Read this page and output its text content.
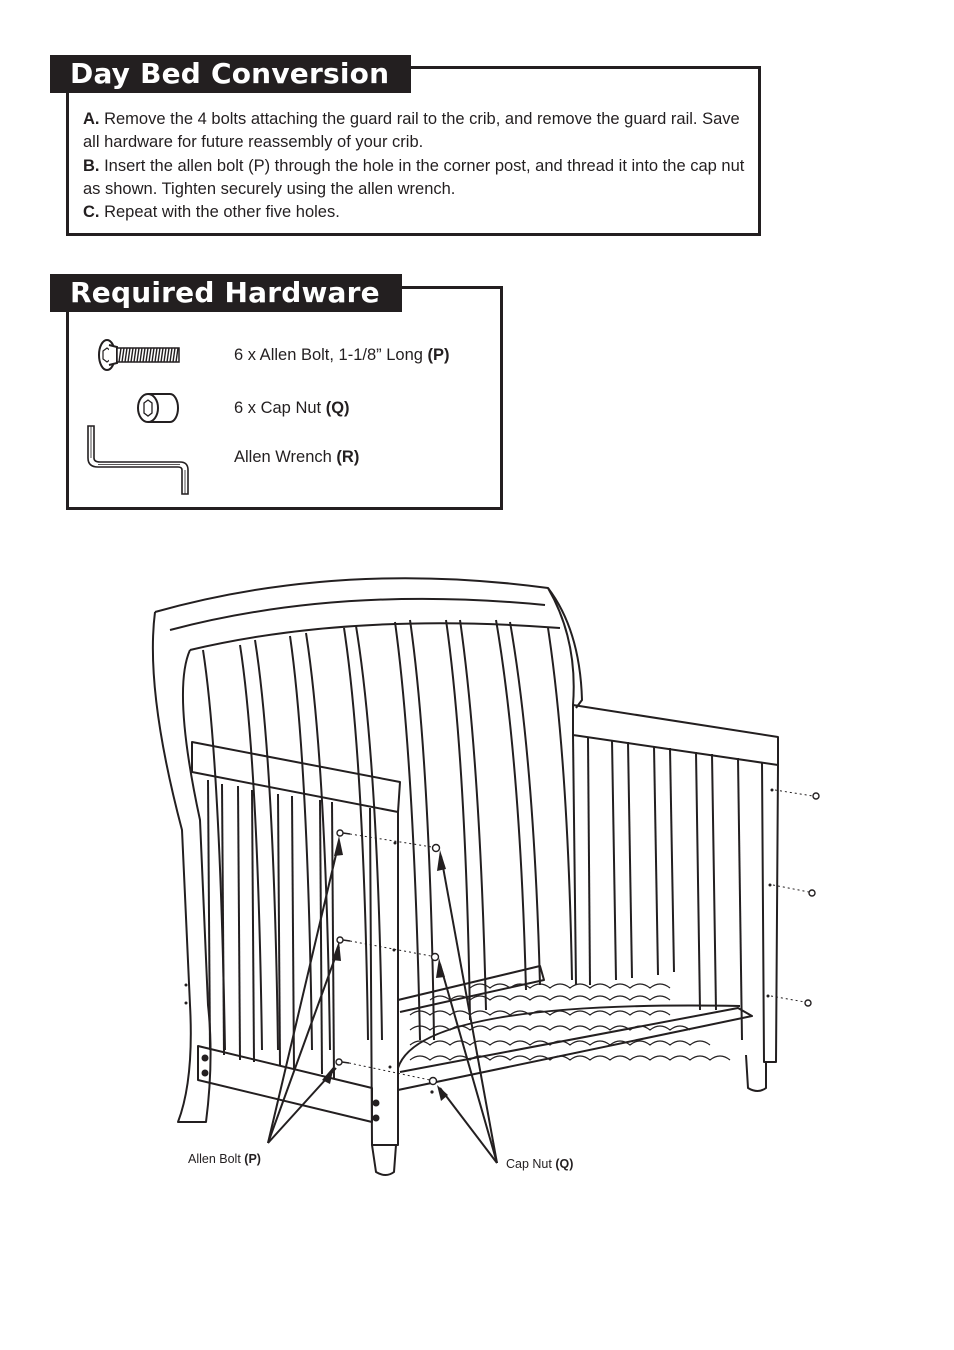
Day Bed Conversion

A. Remove the 4 bolts attaching the guard rail to the crib, and remove the guard rail. Save all hardware for future reassembly of your crib.

B. Insert the allen bolt (P) through the hole in the corner post, and thread it into the cap nut as shown. Tighten securely using the allen wrench.

C. Repeat with the other five holes.

Required Hardware
6 x Allen Bolt, 1-1/8” Long (P)
6 x Cap Nut (Q)
Allen Wrench (R)
Allen Bolt (P)	Cap Nut (Q)
